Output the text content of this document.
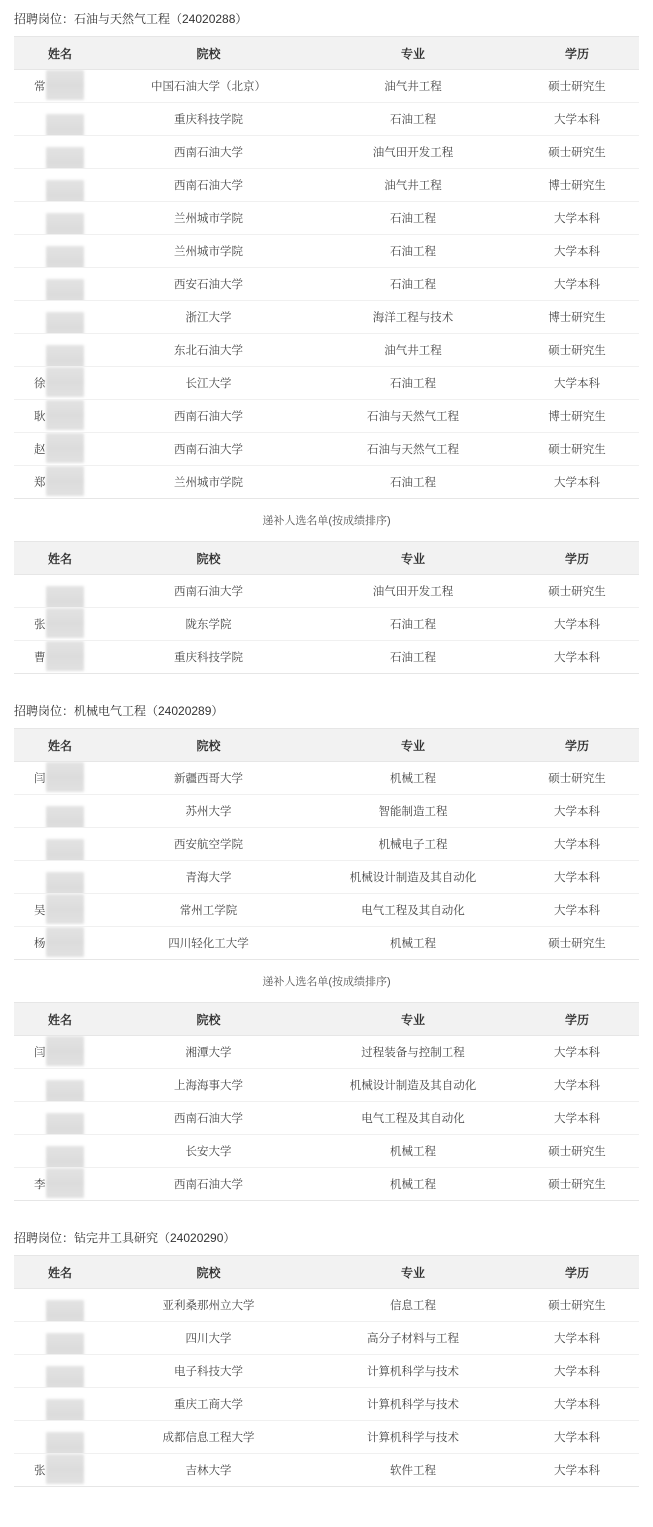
招聘岗位：石油与天然气工程（24020288）
姓名	院校	专业	学历
常	中国石油大学（北京）	油气井工程	硕士研究生

	重庆科技学院	石油工程	大学本科

	西南石油大学	油气田开发工程	硕士研究生

	西南石油大学	油气井工程	博士研究生

	兰州城市学院	石油工程	大学本科

	兰州城市学院	石油工程	大学本科

	西安石油大学	石油工程	大学本科

	浙江大学	海洋工程与技术	博士研究生

	东北石油大学	油气井工程	硕士研究生
徐	长江大学	石油工程	大学本科
耿	西南石油大学	石油与天然气工程	博士研究生
赵	西南石油大学	石油与天然气工程	硕士研究生
郑	兰州城市学院	石油工程	大学本科
递补人选名单(按成绩排序)
姓名	院校	专业	学历

	西南石油大学	油气田开发工程	硕士研究生
张	陇东学院	石油工程	大学本科
曹	重庆科技学院	石油工程	大学本科
招聘岗位：机械电气工程（24020289）
姓名	院校	专业	学历
闫	新疆西哥大学	机械工程	硕士研究生

	苏州大学	智能制造工程	大学本科

	西安航空学院	机械电子工程	大学本科

	青海大学	机械设计制造及其自动化	大学本科
吴	常州工学院	电气工程及其自动化	大学本科
杨	四川轻化工大学	机械工程	硕士研究生
递补人选名单(按成绩排序)
姓名	院校	专业	学历
闫	湘潭大学	过程装备与控制工程	大学本科

	上海海事大学	机械设计制造及其自动化	大学本科

	西南石油大学	电气工程及其自动化	大学本科

	长安大学	机械工程	硕士研究生
李	西南石油大学	机械工程	硕士研究生
招聘岗位：钻完井工具研究（24020290）
姓名	院校	专业	学历

	亚利桑那州立大学	信息工程	硕士研究生

	四川大学	高分子材料与工程	大学本科

	电子科技大学	计算机科学与技术	大学本科

	重庆工商大学	计算机科学与技术	大学本科

	成都信息工程大学	计算机科学与技术	大学本科
张	吉林大学	软件工程	大学本科
